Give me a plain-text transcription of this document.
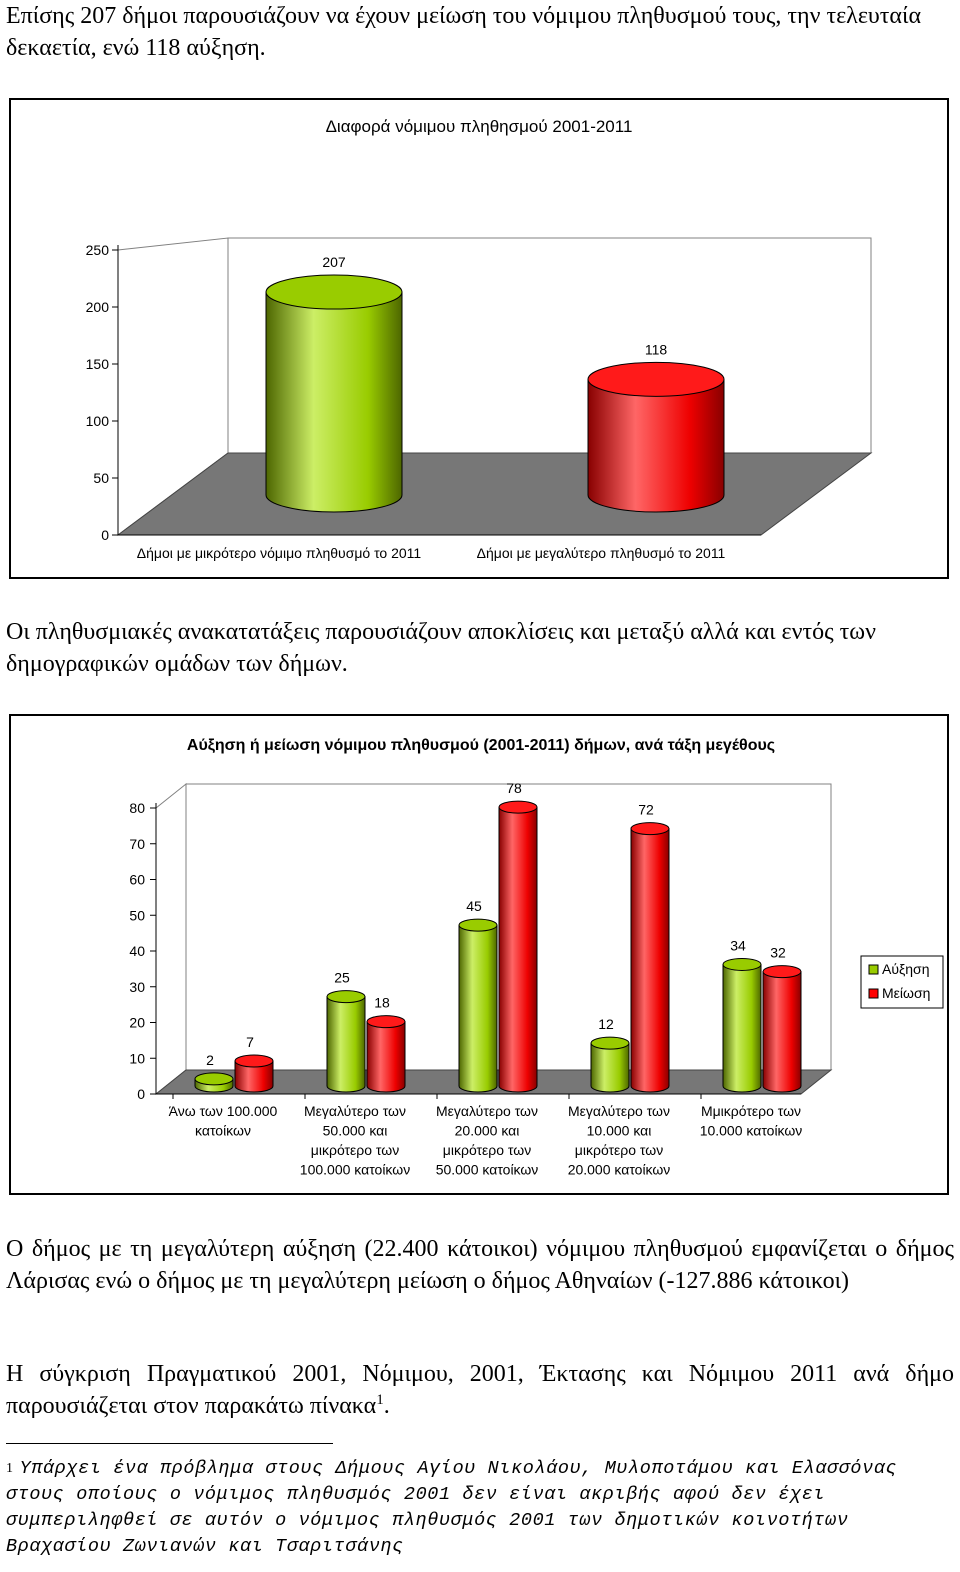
Επίσης 207 δήμοι παρουσιάζουν να έχουν μείωση του νόμιμου πληθυσμού τους, την τελευταία δεκαετία, ενώ 118 αύξηση.
Διαφορά νόμιμου πληθησμού 2001-2011
0
50
100
150
200
250
Δήμοι με μικρότερο νόμιμο πληθυσμό το 2011	Δήμοι με μεγαλύτερο πληθυσμό το 2011
207
118
Οι πληθυσμιακές ανακατατάξεις παρουσιάζουν αποκλίσεις και μεταξύ αλλά και εντός των δημογραφικών ομάδων των δήμων.
Αύξηση ή μείωση νόμιμου πληθυσμού (2001-2011) δήμων, ανά τάξη μεγέθους
0
10
20
30
40
50
60
70
80
Άνω των 100.000 κατοίκων
Μεγαλύτερο των 50.000 και μικρότερο των 100.000 κατοίκων
Μεγαλύτερο των 20.000 και μικρότερο των 50.000 κατοίκων
Μεγαλύτερο των 10.000 και μικρότερο των 20.000 κατοίκων
Μμικρότερο των 10.000 κατοίκων
2
25
45
12
34
7
18
78
72
32
Αύξηση
Μείωση
Ο δήμος με τη μεγαλύτερη αύξηση (22.400 κάτοικοι) νόμιμου πληθυσμού εμφανίζεται ο δήμος Λάρισας ενώ ο δήμος με τη μεγαλύτερη μείωση ο δήμος Αθηναίων (-127.886 κάτοικοι)
Η σύγκριση Πραγματικού 2001, Νόμιμου, 2001, Έκτασης και Νόμιμου 2011 ανά δήμο παρουσιάζεται στον παρακάτω πίνακα$^1$.
$^1$ Υπάρχει ένα πρόβλημα στους Δήμους Αγίου Νικολάου, Μυλοποτάμου και Ελασσόνας στους οποίους ο νόμιμος πληθυσμός 2001 δεν είναι ακριβής αφού δεν έχει συμπεριληφθεί σε αυτόν ο νόμιμος πληθυσμός 2001 των δημοτικών κοινοτήτων Βραχασίου Ζωνιανών και Τσαριτσάνης
